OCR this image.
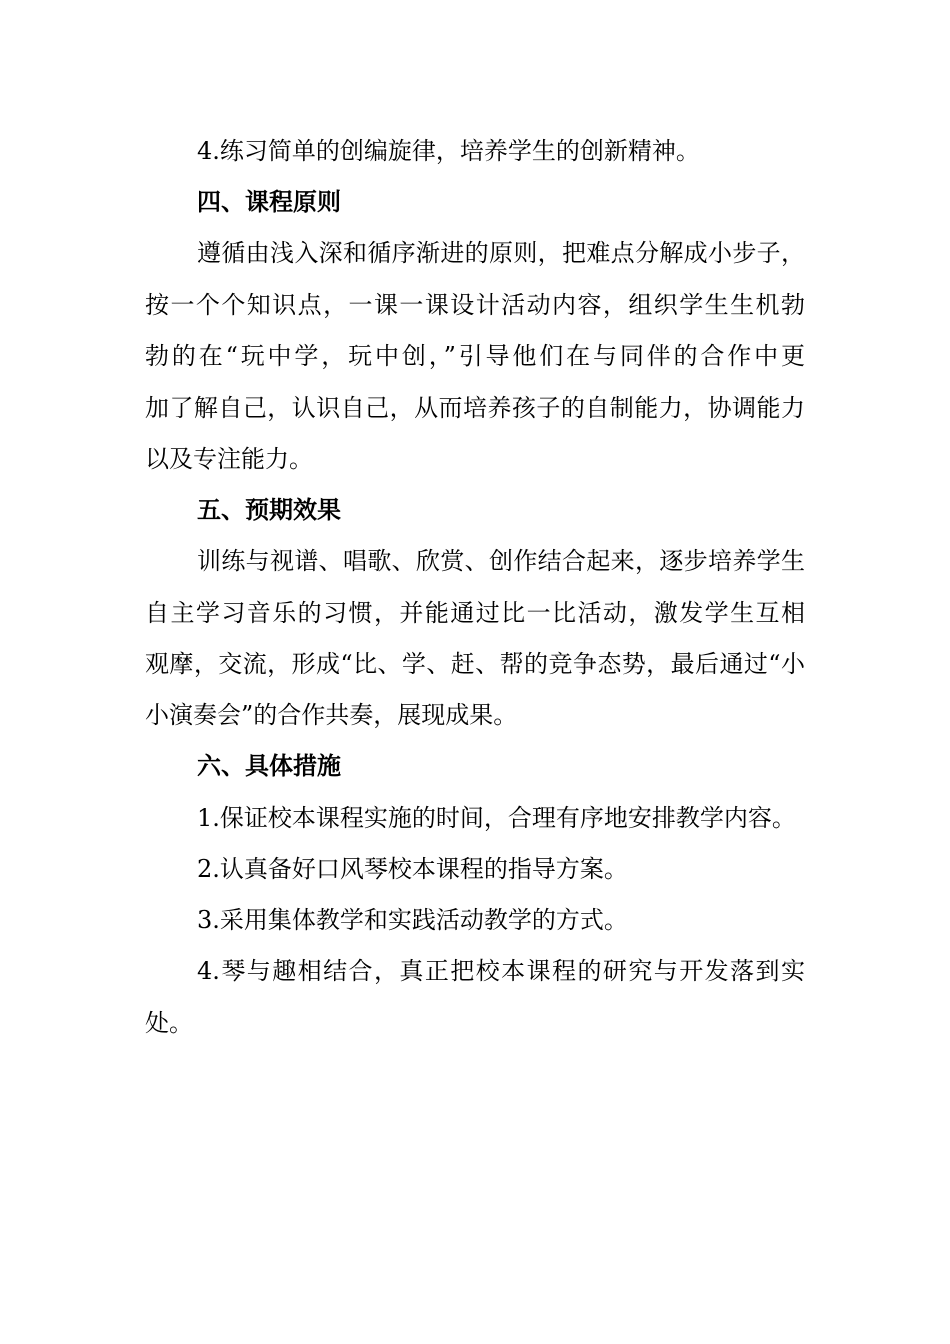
4.练习简单的创编旋律，培养学生的创新精神。
四、课程原则
遵循由浅入深和循序渐进的原则，把难点分解成小步子，
按一个个知识点，一课一课设计活动内容，组织学生生机勃
勃的在“玩中学，玩中创，”引导他们在与同伴的合作中更
加了解自己，认识自己，从而培养孩子的自制能力，协调能力
以及专注能力。
五、预期效果
训练与视谱、唱歌、欣赏、创作结合起来，逐步培养学生
自主学习音乐的习惯，并能通过比一比活动，激发学生互相
观摩，交流，形成“比、学、赶、帮的竞争态势，最后通过“小
小演奏会”的合作共奏，展现成果。
六、具体措施
1.保证校本课程实施的时间，合理有序地安排教学内容。
2.认真备好口风琴校本课程的指导方案。
3.采用集体教学和实践活动教学的方式。
4.琴与趣相结合，真正把校本课程的研究与开发落到实
处。
